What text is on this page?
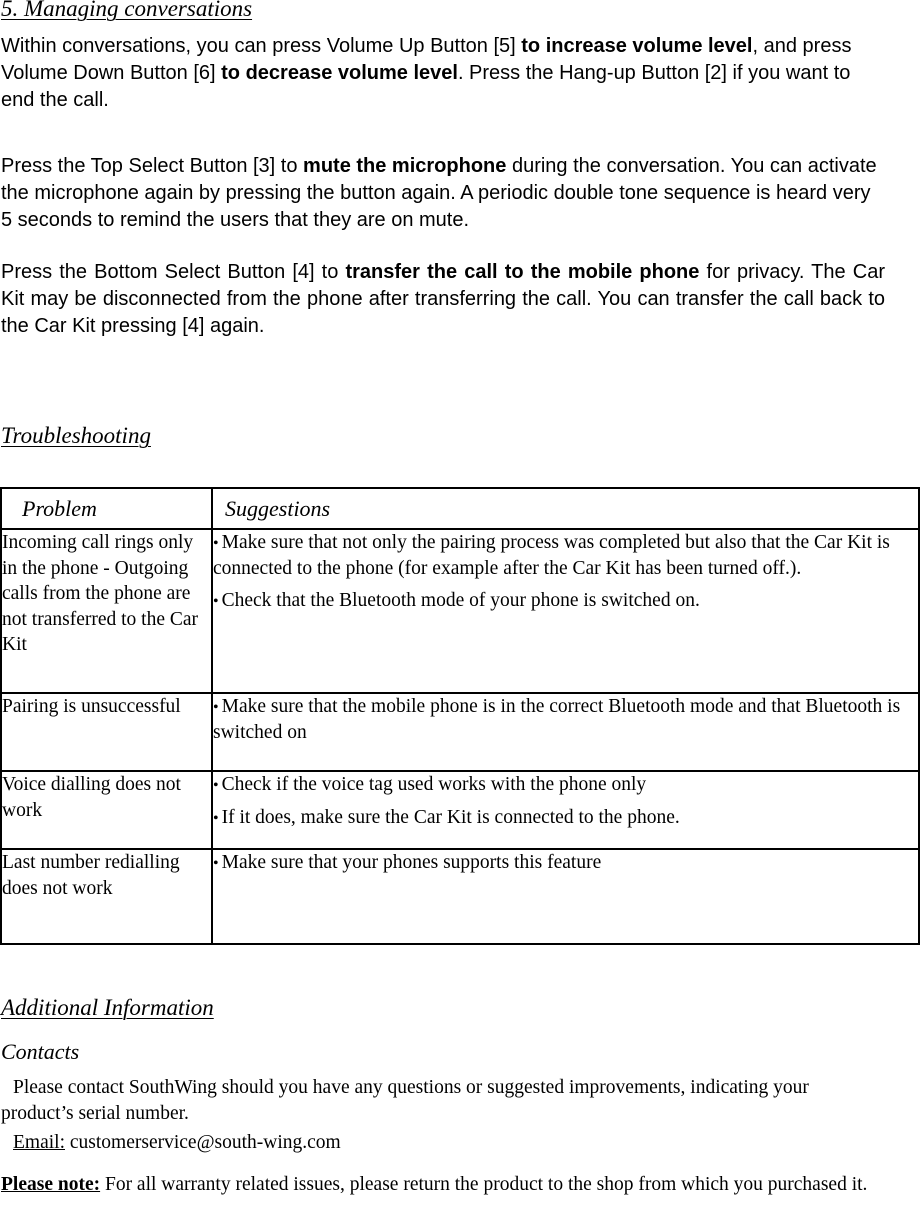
5. Managing conversations

Within conversations, you can press Volume Up Button [5] to increase volume level, and press Volume Down Button [6] to decrease volume level. Press the Hang-up Button [2] if you want to end the call.

Press the Top Select Button [3] to mute the microphone during the conversation. You can activate the microphone again by pressing the button again. A periodic double tone sequence is heard very 5 seconds to remind the users that they are on mute.

Press the Bottom Select Button [4] to transfer the call to the mobile phone for privacy. The Car Kit may be disconnected from the phone after transferring the call. You can transfer the call back to the Car Kit pressing [4] again.

Troubleshooting
Problem	Suggestions
Incoming call rings only in the phone - Outgoing calls from the phone are not transferred to the Car Kit	• Make sure that not only the pairing process was completed but also that the Car Kit is connected to the phone (for example after the Car Kit has been turned off.).
• Check that the Bluetooth mode of your phone is switched on.

Pairing is unsuccessful	• Make sure that the mobile phone is in the correct Bluetooth mode and that Bluetooth is switched on

Voice dialling does not work	• Check if the voice tag used works with the phone only
• If it does, make sure the Car Kit is connected to the phone.

Last number redialling does not work	• Make sure that your phones supports this feature
Additional Information
Contacts

Please contact SouthWing should you have any questions or suggested improvements, indicating your product’s serial number.

Email: customerservice@south-wing.com

Please note: For all warranty related issues, please return the product to the shop from which you purchased it.
